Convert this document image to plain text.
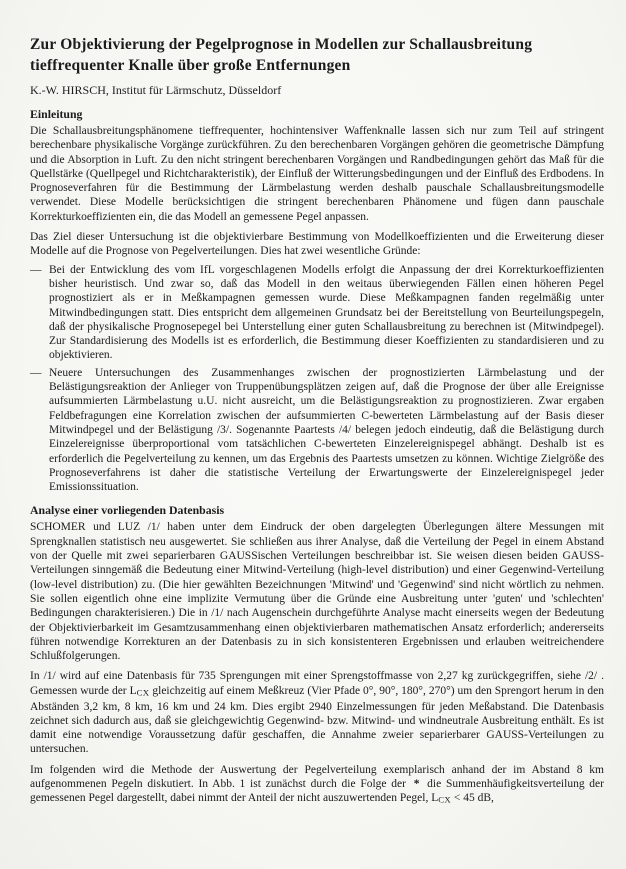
Zur Objektivierung der Pegelprognose in Modellen zur Schallausbreitung tieffrequenter Knalle über große Entfernungen

K.-W. HIRSCH, Institut für Lärmschutz, Düsseldorf

Einleitung

Die Schallausbreitungsphänomene tieffrequenter, hochintensiver Waffenknalle lassen sich nur zum Teil auf stringent berechenbare physikalische Vorgänge zurückführen. Zu den berechenbaren Vorgängen gehören die geometrische Dämpfung und die Absorption in Luft. Zu den nicht stringent berechenbaren Vorgängen und Randbedingungen gehört das Maß für die Quellstärke (Quellpegel und Richtcharakteristik), der Einfluß der Witterungsbedingungen und der Einfluß des Erdbodens. In Prognoseverfahren für die Bestimmung der Lärmbelastung werden deshalb pauschale Schallausbreitungsmodelle verwendet. Diese Modelle berücksichtigen die stringent berechenbaren Phänomene und fügen dann pauschale Korrekturkoeffizienten ein, die das Modell an gemessene Pegel anpassen.

Das Ziel dieser Untersuchung ist die objektivierbare Bestimmung von Modellkoeffizienten und die Erweiterung dieser Modelle auf die Prognose von Pegelverteilungen. Dies hat zwei wesentliche Gründe:

— Bei der Entwicklung des vom IfL vorgeschlagenen Modells erfolgt die Anpassung der drei Korrekturkoeffizienten bisher heuristisch. Und zwar so, daß das Modell in den weitaus überwiegenden Fällen einen höheren Pegel prognostiziert als er in Meßkampagnen gemessen wurde. Diese Meßkampagnen fanden regelmäßig unter Mitwindbedingungen statt. Dies entspricht dem allgemeinen Grundsatz bei der Bereitstellung von Beurteilungspegeln, daß der physikalische Prognosepegel bei Unterstellung einer guten Schallausbreitung zu berechnen ist (Mitwindpegel). Zur Standardisierung des Modells ist es erforderlich, die Bestimmung dieser Koeffizienten zu standardisieren und zu objektivieren.
— Neuere Untersuchungen des Zusammenhanges zwischen der prognostizierten Lärmbelastung und der Belästigungsreaktion der Anlieger von Truppenübungsplätzen zeigen auf, daß die Prognose der über alle Ereignisse aufsummierten Lärmbelastung u.U. nicht ausreicht, um die Belästigungsreaktion zu prognostizieren. Zwar ergaben Feldbefragungen eine Korrelation zwischen der aufsummierten C-bewerteten Lärmbelastung auf der Basis dieser Mitwindpegel und der Belästigung /3/. Sogenannte Paartests /4/ belegen jedoch eindeutig, daß die Belästigung durch Einzelereignisse überproportional vom tatsächlichen C-bewerteten Einzelereignispegel abhängt. Deshalb ist es erforderlich die Pegelverteilung zu kennen, um das Ergebnis des Paartests umsetzen zu können. Wichtige Zielgröße des Prognoseverfahrens ist daher die statistische Verteilung der Erwartungswerte der Einzelereignispegel jeder Emissionssituation.
Analyse einer vorliegenden Datenbasis

SCHOMER und LUZ /1/ haben unter dem Eindruck der oben dargelegten Überlegungen ältere Messungen mit Sprengknallen statistisch neu ausgewertet. Sie schließen aus ihrer Analyse, daß die Verteilung der Pegel in einem Abstand von der Quelle mit zwei separierbaren GAUSSischen Verteilungen beschreibbar ist. Sie weisen diesen beiden GAUSS-Verteilungen sinngemäß die Bedeutung einer Mitwind-Verteilung (high-level distribution) und einer Gegenwind-Verteilung (low-level distribution) zu. (Die hier gewählten Bezeichnungen 'Mitwind' und 'Gegenwind' sind nicht wörtlich zu nehmen. Sie sollen eigentlich ohne eine implizite Vermutung über die Gründe eine Ausbreitung unter 'guten' und 'schlechten' Bedingungen charakterisieren.) Die in /1/ nach Augenschein durchgeführte Analyse macht einerseits wegen der Bedeutung der Objektivierbarkeit im Gesamtzusammenhang einen objektivierbaren mathematischen Ansatz erforderlich; andererseits führen notwendige Korrekturen an der Datenbasis zu in sich konsistenteren Ergebnissen und erlauben weitreichendere Schlußfolgerungen.

In /1/ wird auf eine Datenbasis für 735 Sprengungen mit einer Sprengstoffmasse von 2,27 kg zurückgegriffen, siehe /2/ . Gemessen wurde der LCX gleichzeitig auf einem Meßkreuz (Vier Pfade 0°, 90°, 180°, 270°) um den Sprengort herum in den Abständen 3,2 km, 8 km, 16 km und 24 km. Dies ergibt 2940 Einzelmessungen für jeden Meßabstand. Die Datenbasis zeichnet sich dadurch aus, daß sie gleichgewichtig Gegenwind- bzw. Mitwind- und windneutrale Ausbreitung enthält. Es ist damit eine notwendige Voraussetzung dafür geschaffen, die Annahme zweier separierbarer GAUSS-Verteilungen zu untersuchen.

Im folgenden wird die Methode der Auswertung der Pegelverteilung exemplarisch anhand der im Abstand 8 km aufgenommenen Pegeln diskutiert. In Abb. 1 ist zunächst durch die Folge der * die Summenhäufigkeitsverteilung der gemessenen Pegel dargestellt, dabei nimmt der Anteil der nicht auszuwertenden Pegel, LCX < 45 dB,
